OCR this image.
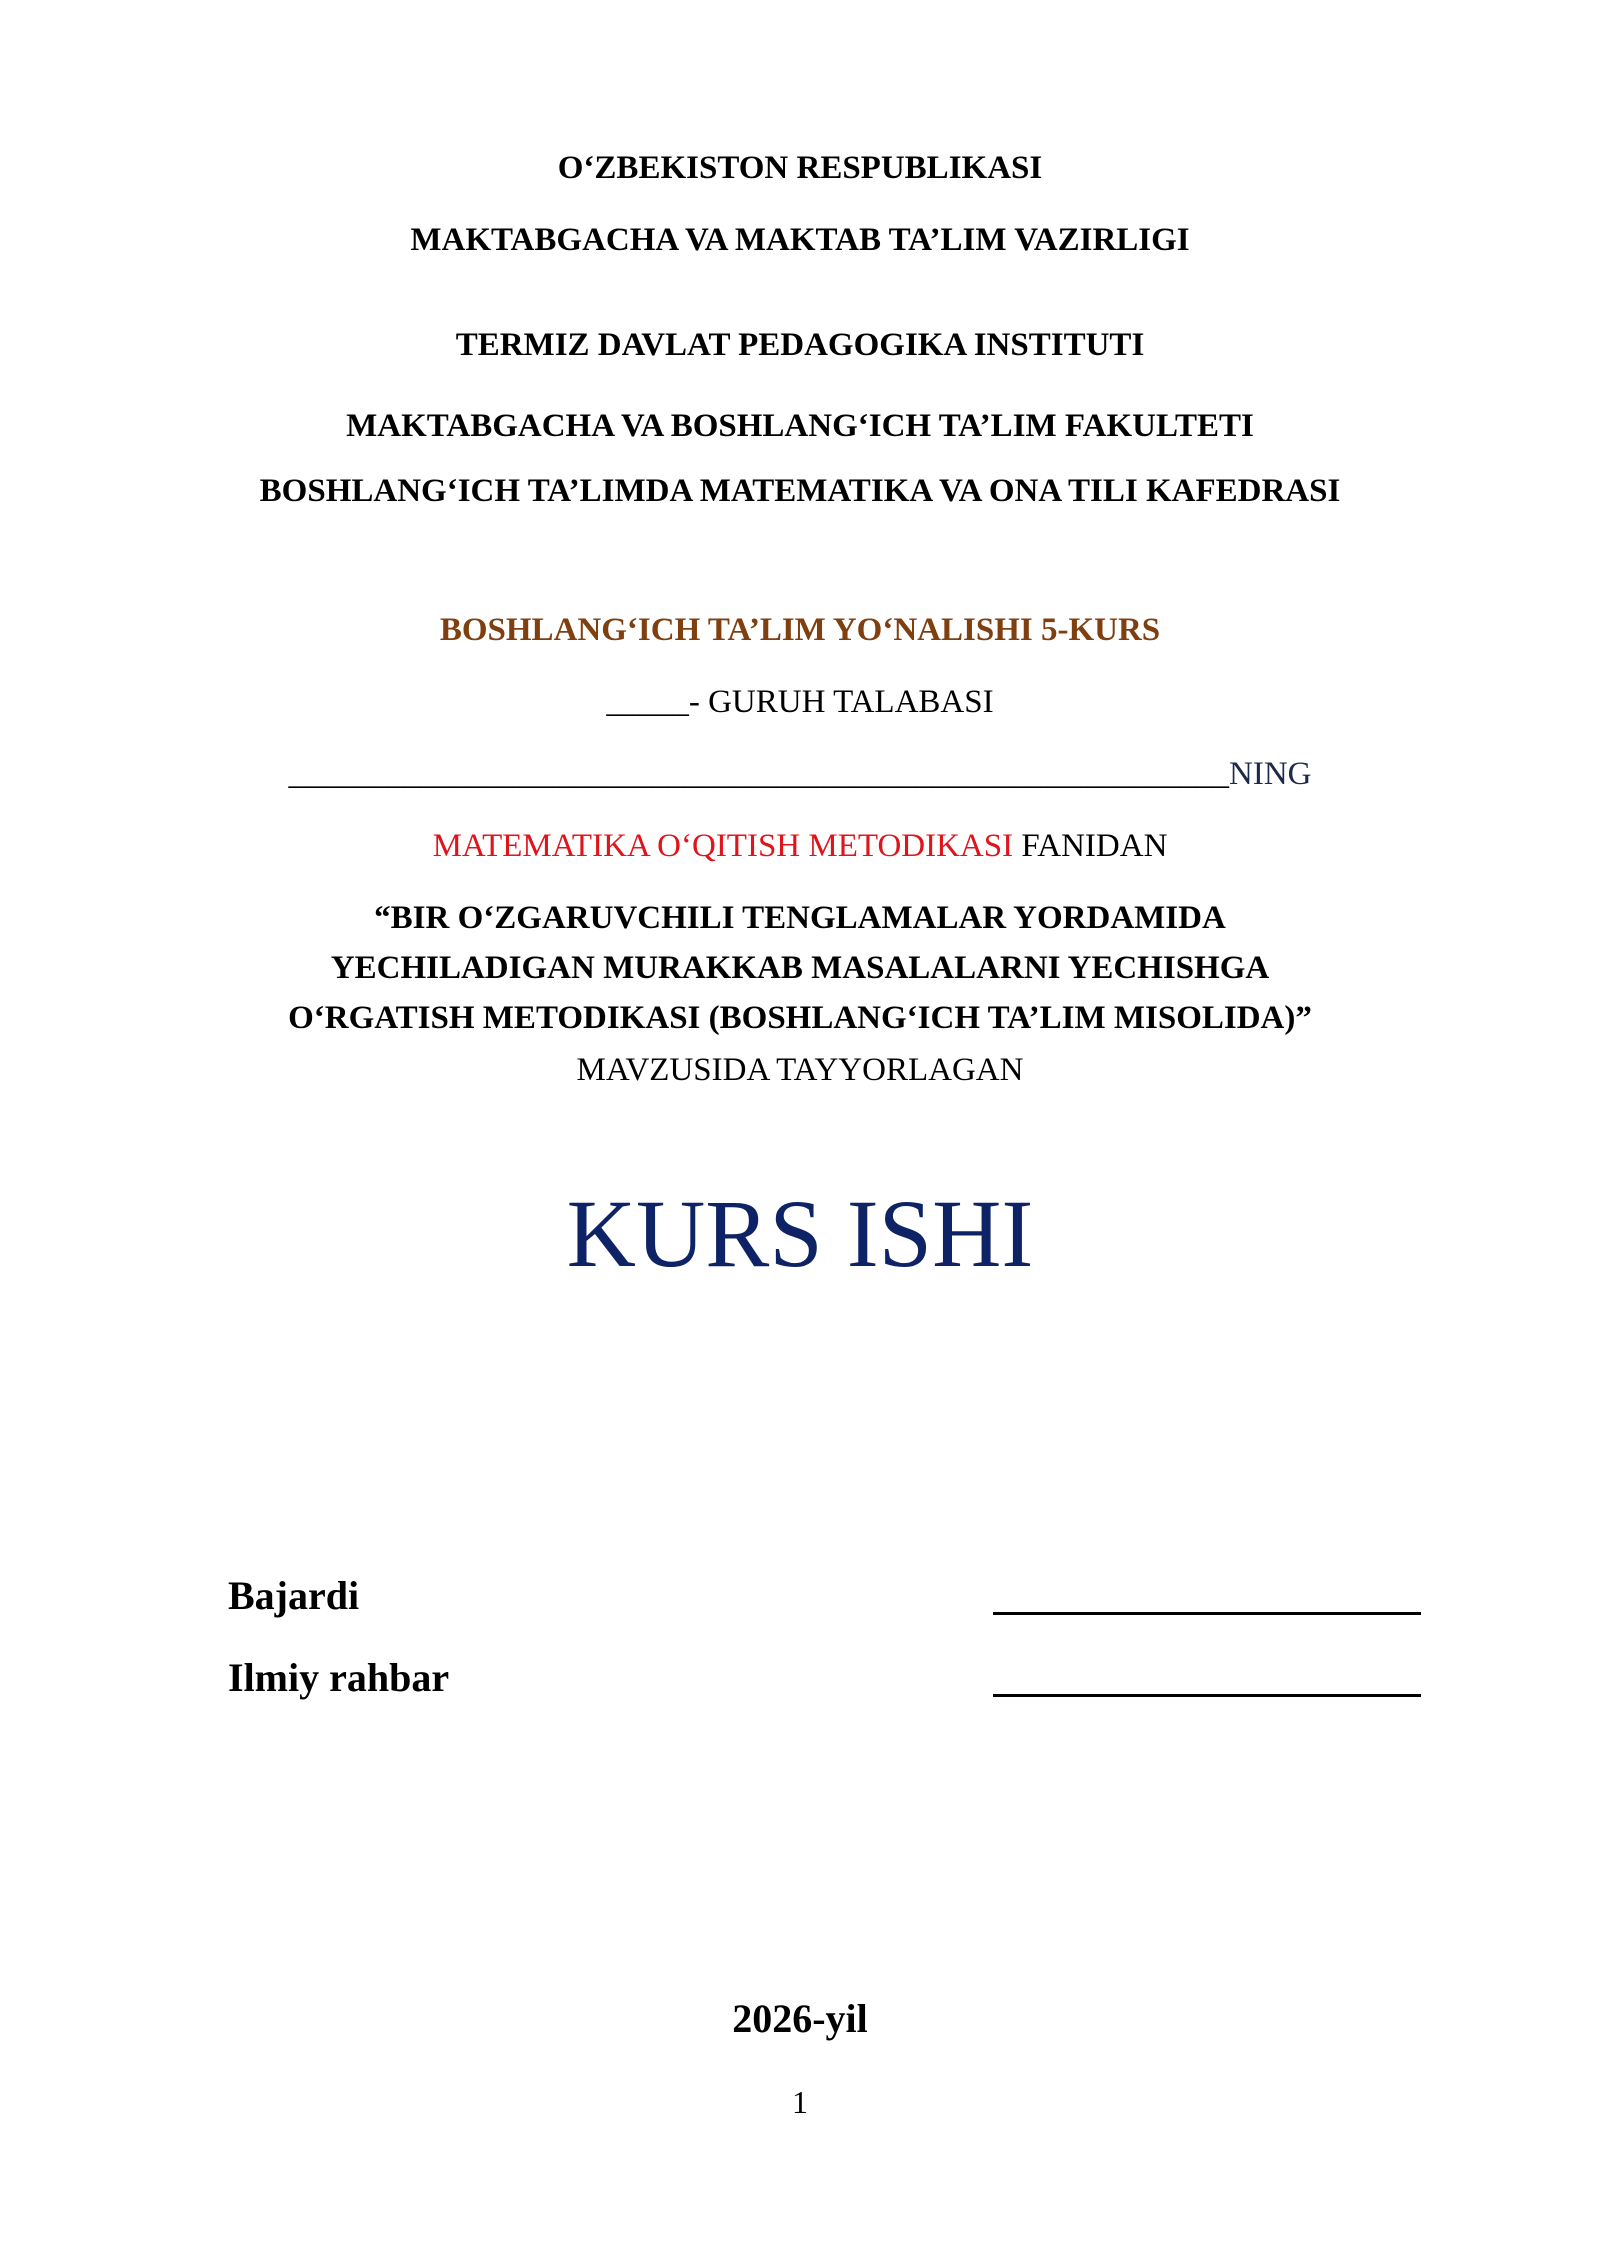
O‘ZBEKISTON RESPUBLIKASI
MAKTABGACHA VA MAKTAB TA’LIM VAZIRLIGI
TERMIZ DAVLAT PEDAGOGIKA INSTITUTI
MAKTABGACHA VA BOSHLANG‘ICH TA’LIM FAKULTETI
BOSHLANG‘ICH TA’LIMDA MATEMATIKA VA ONA TILI KAFEDRASI
BOSHLANG‘ICH TA’LIM YO‘NALISHI 5-KURS
_____- GURUH TALABASI
_________________________________________________________NING
MATEMATIKA O‘QITISH METODIKASI FANIDAN
“BIR O‘ZGARUVCHILI TENGLAMALAR YORDAMIDA
YECHILADIGAN MURAKKAB MASALALARNI YECHISHGA
O‘RGATISH METODIKASI (BOSHLANG‘ICH TA’LIM MISOLIDA)”
MAVZUSIDA TAYYORLAGAN
KURS ISHI
Bajardi
Ilmiy rahbar
2026-yil
1
